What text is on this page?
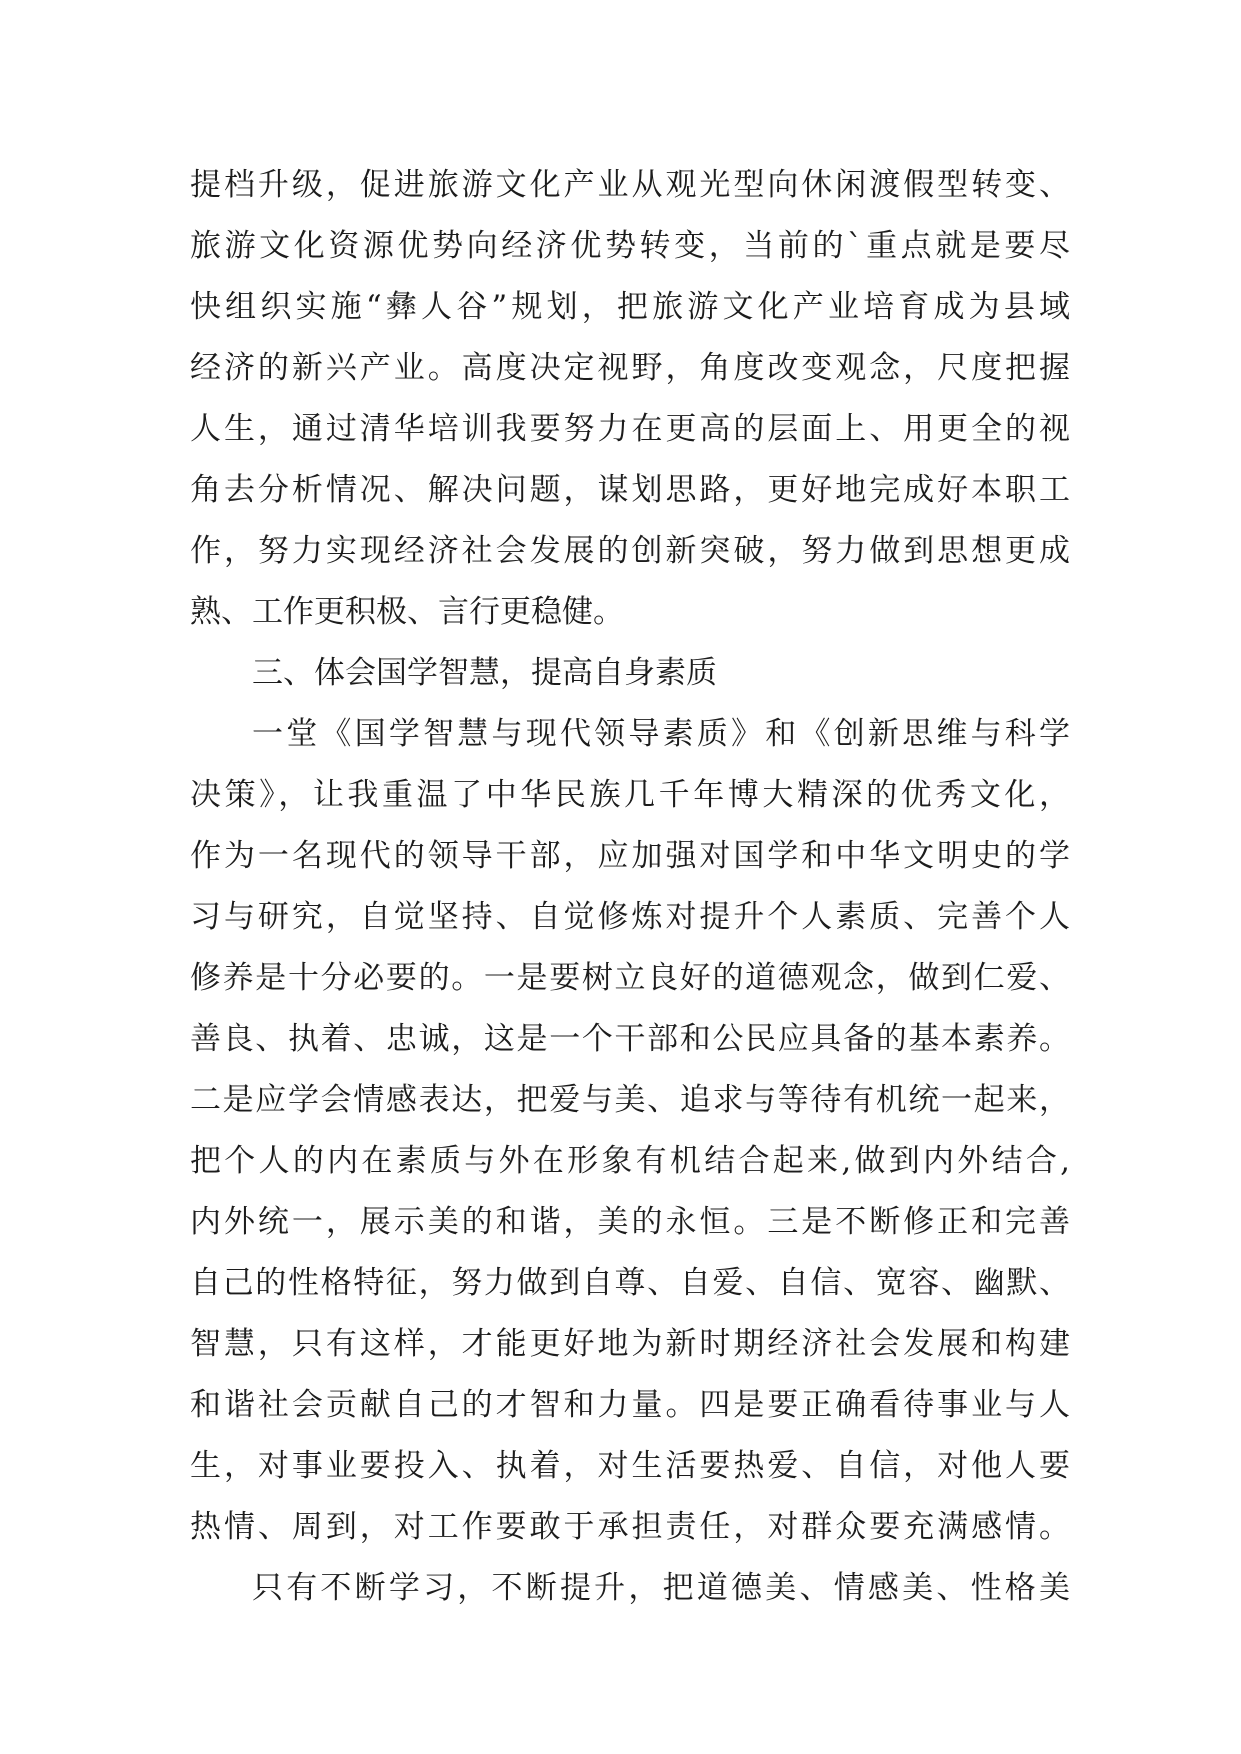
提档升级，促进旅游文化产业从观光型向休闲渡假型转变、
旅游文化资源优势向经济优势转变，当前的`重点就是要尽
快组织实施“彝人谷”规划，把旅游文化产业培育成为县域
经济的新兴产业。高度决定视野，角度改变观念，尺度把握
人生，通过清华培训我要努力在更高的层面上、用更全的视
角去分析情况、解决问题，谋划思路，更好地完成好本职工
作，努力实现经济社会发展的创新突破，努力做到思想更成
熟、工作更积极、言行更稳健。
三、体会国学智慧，提高自身素质
一堂《国学智慧与现代领导素质》和《创新思维与科学
决策》，让我重温了中华民族几千年博大精深的优秀文化，
作为一名现代的领导干部，应加强对国学和中华文明史的学
习与研究，自觉坚持、自觉修炼对提升个人素质、完善个人
修养是十分必要的。一是要树立良好的道德观念，做到仁爱、
善良、执着、忠诚，这是一个干部和公民应具备的基本素养。
二是应学会情感表达，把爱与美、追求与等待有机统一起来，
把个人的内在素质与外在形象有机结合起来,做到内外结合,
内外统一，展示美的和谐，美的永恒。三是不断修正和完善
自己的性格特征，努力做到自尊、自爱、自信、宽容、幽默、
智慧，只有这样，才能更好地为新时期经济社会发展和构建
和谐社会贡献自己的才智和力量。四是要正确看待事业与人
生，对事业要投入、执着，对生活要热爱、自信，对他人要
热情、周到，对工作要敢于承担责任，对群众要充满感情。
只有不断学习，不断提升，把道德美、情感美、性格美
